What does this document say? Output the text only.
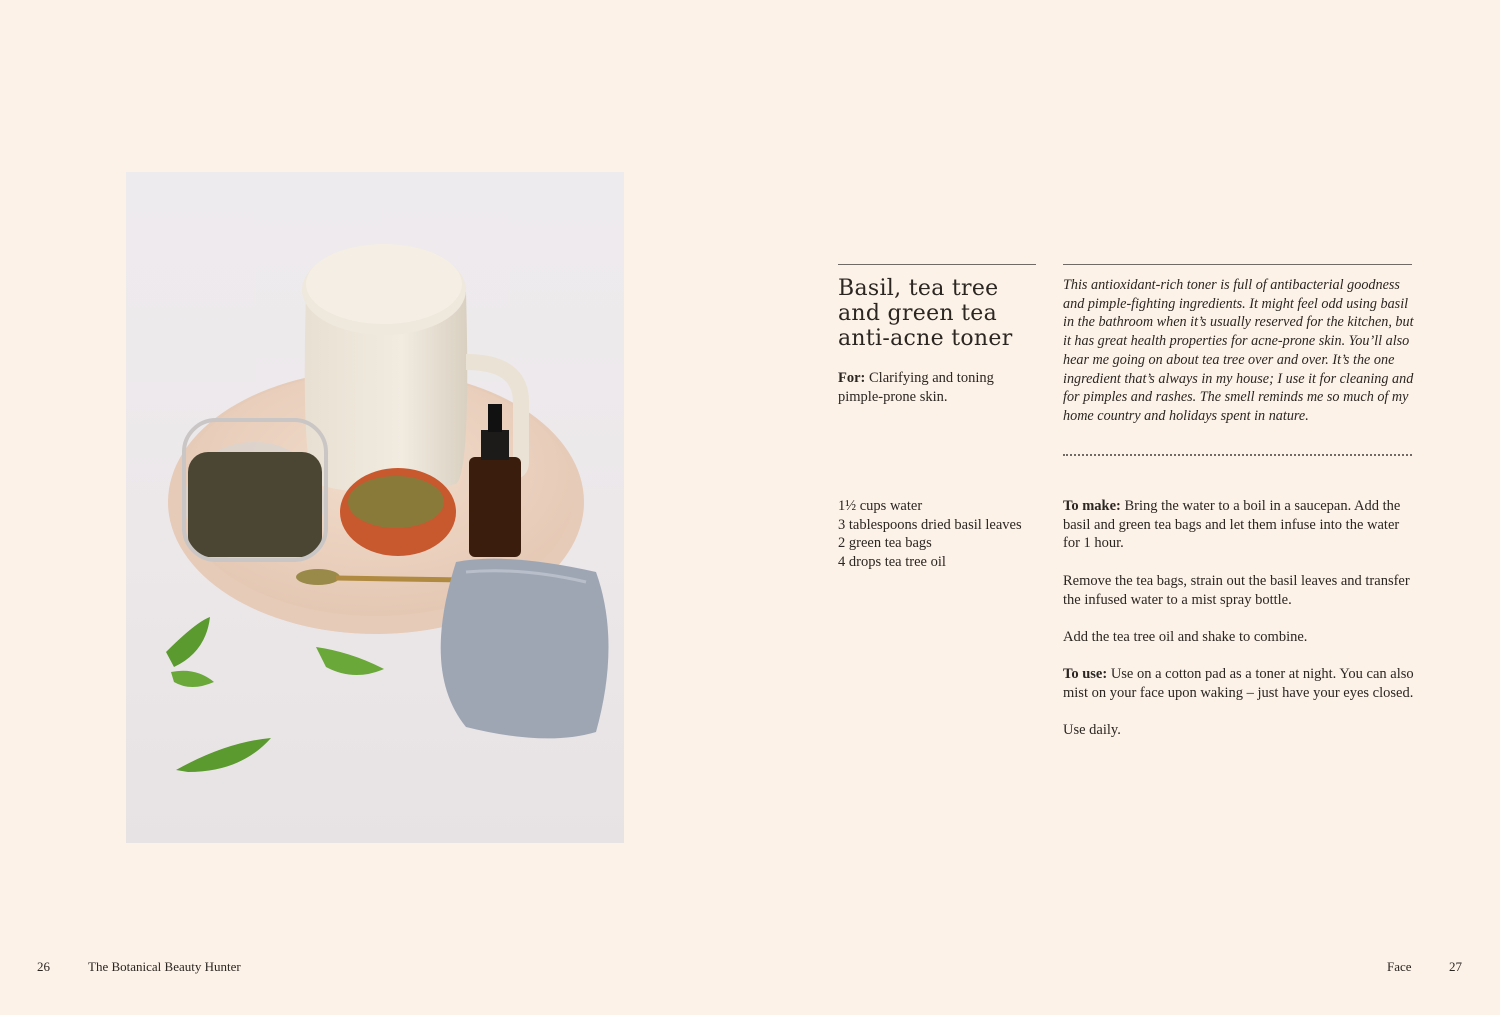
Basil, tea tree and green tea anti-acne toner
For: Clarifying and toning pimple-prone skin.

This antioxidant-rich toner is full of antibacterial goodness and pimple-fighting ingredients. It might feel odd using basil in the bathroom when it’s usually reserved for the kitchen, but it has great health properties for acne-prone skin. You’ll also hear me going on about tea tree over and over. It’s the one ingredient that’s always in my house; I use it for cleaning and for pimples and rashes. The smell reminds me so much of my home country and holidays spent in nature.

1½ cups water
3 tablespoons dried basil leaves
2 green tea bags
4 drops tea tree oil

To make: Bring the water to a boil in a saucepan. Add the basil and green tea bags and let them infuse into the water for 1 hour.

Remove the tea bags, strain out the basil leaves and transfer the infused water to a mist spray bottle.

Add the tea tree oil and shake to combine.

To use: Use on a cotton pad as a toner at night. You can also mist on your face upon waking – just have your eyes closed.

Use daily.

26	The Botanical Beauty Hunter	Face	27
